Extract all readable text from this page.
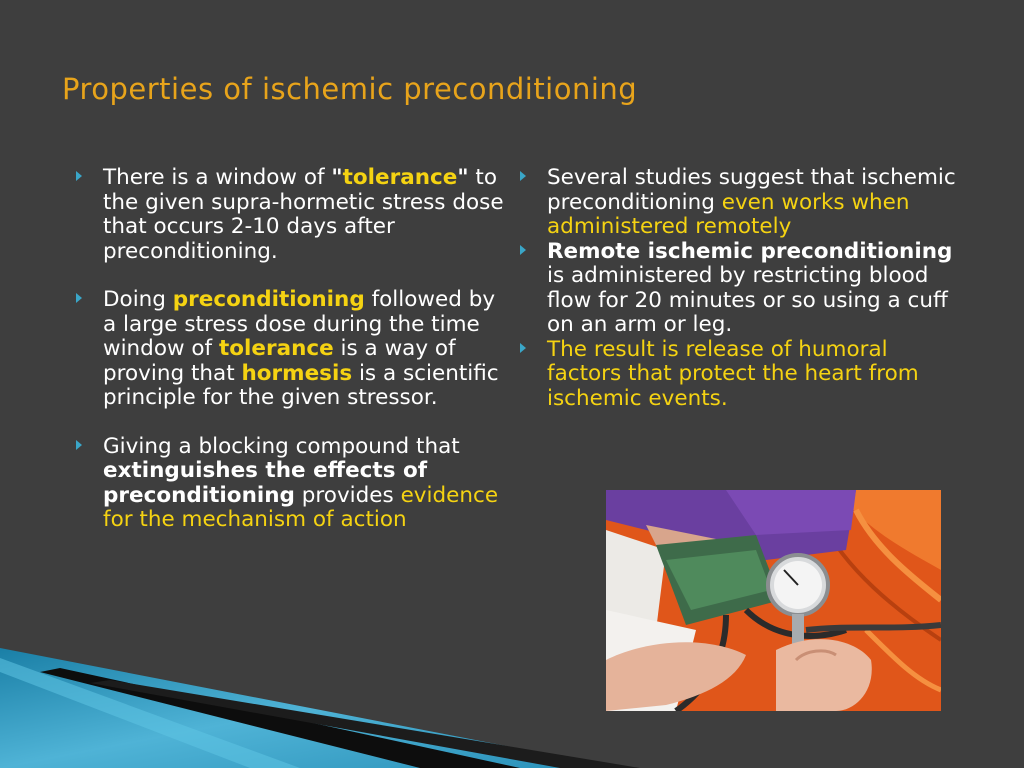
Properties of ischemic preconditioning
There is a window of "tolerance" to the given supra-hormetic stress dose that occurs 2-10 days after preconditioning.
Doing preconditioning followed by a large stress dose during the time window of tolerance is a way of proving that hormesis is a scientific principle for the given stressor.
Giving a blocking compound that extinguishes the effects of preconditioning provides evidence for the mechanism of action
Several studies suggest that ischemic preconditioning even works when administered remotely
Remote ischemic preconditioning is administered by restricting blood flow for 20 minutes or so using a cuff on an arm or leg.
The result is release of humoral factors that protect the heart from ischemic events.
